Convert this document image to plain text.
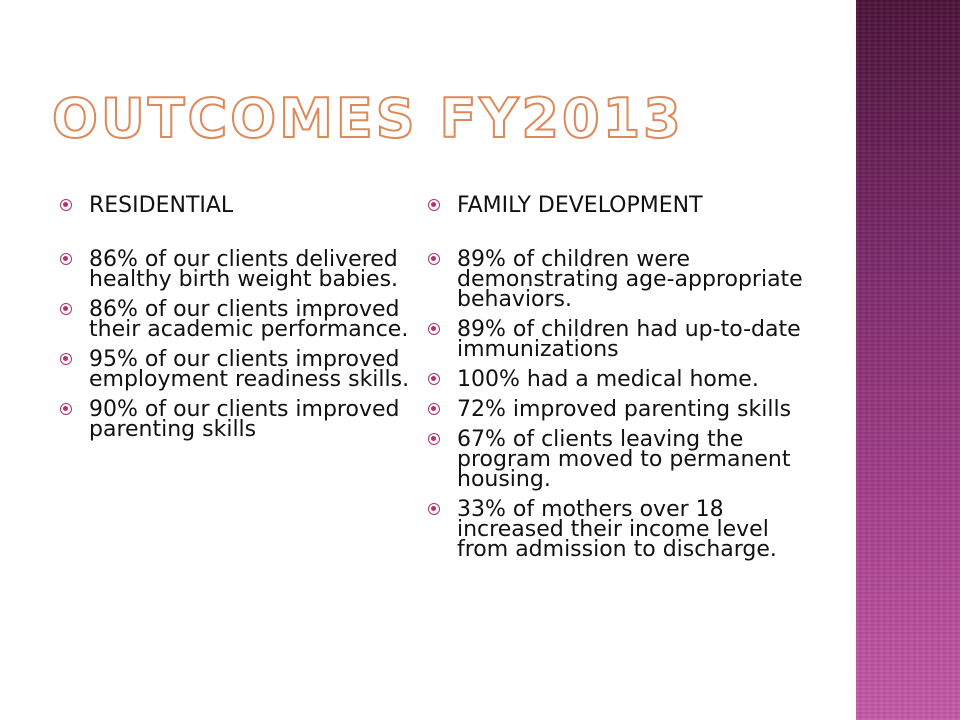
OUTCOMES FY2013
RESIDENTIAL
86% of our clients delivered healthy birth weight babies.
86% of our clients improved their academic performance.
95% of our clients improved employment readiness skills.
90% of our clients improved parenting skills
FAMILY DEVELOPMENT
89% of children were demonstrating age-appropriate behaviors.
89% of children had up-to-date immunizations
100% had a medical home.
72% improved parenting skills
67% of clients leaving the program moved to permanent housing.
33% of mothers over 18 increased their income level from admission to discharge.
